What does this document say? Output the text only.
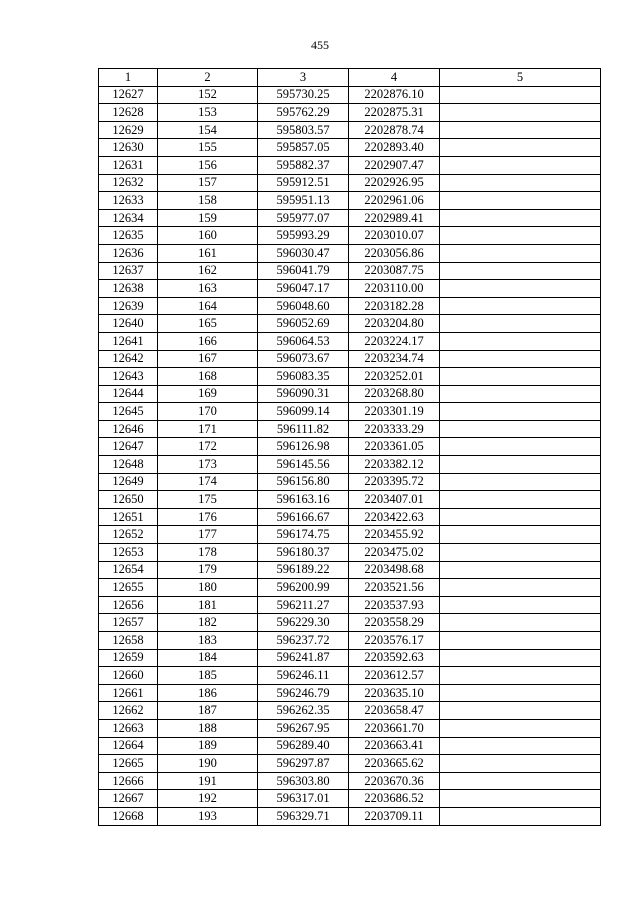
455
1	2	3	4	5
12627	152	595730.25	2202876.10	
12628	153	595762.29	2202875.31	
12629	154	595803.57	2202878.74	
12630	155	595857.05	2202893.40	
12631	156	595882.37	2202907.47	
12632	157	595912.51	2202926.95	
12633	158	595951.13	2202961.06	
12634	159	595977.07	2202989.41	
12635	160	595993.29	2203010.07	
12636	161	596030.47	2203056.86	
12637	162	596041.79	2203087.75	
12638	163	596047.17	2203110.00	
12639	164	596048.60	2203182.28	
12640	165	596052.69	2203204.80	
12641	166	596064.53	2203224.17	
12642	167	596073.67	2203234.74	
12643	168	596083.35	2203252.01	
12644	169	596090.31	2203268.80	
12645	170	596099.14	2203301.19	
12646	171	596111.82	2203333.29	
12647	172	596126.98	2203361.05	
12648	173	596145.56	2203382.12	
12649	174	596156.80	2203395.72	
12650	175	596163.16	2203407.01	
12651	176	596166.67	2203422.63	
12652	177	596174.75	2203455.92	
12653	178	596180.37	2203475.02	
12654	179	596189.22	2203498.68	
12655	180	596200.99	2203521.56	
12656	181	596211.27	2203537.93	
12657	182	596229.30	2203558.29	
12658	183	596237.72	2203576.17	
12659	184	596241.87	2203592.63	
12660	185	596246.11	2203612.57	
12661	186	596246.79	2203635.10	
12662	187	596262.35	2203658.47	
12663	188	596267.95	2203661.70	
12664	189	596289.40	2203663.41	
12665	190	596297.87	2203665.62	
12666	191	596303.80	2203670.36	
12667	192	596317.01	2203686.52	
12668	193	596329.71	2203709.11	
